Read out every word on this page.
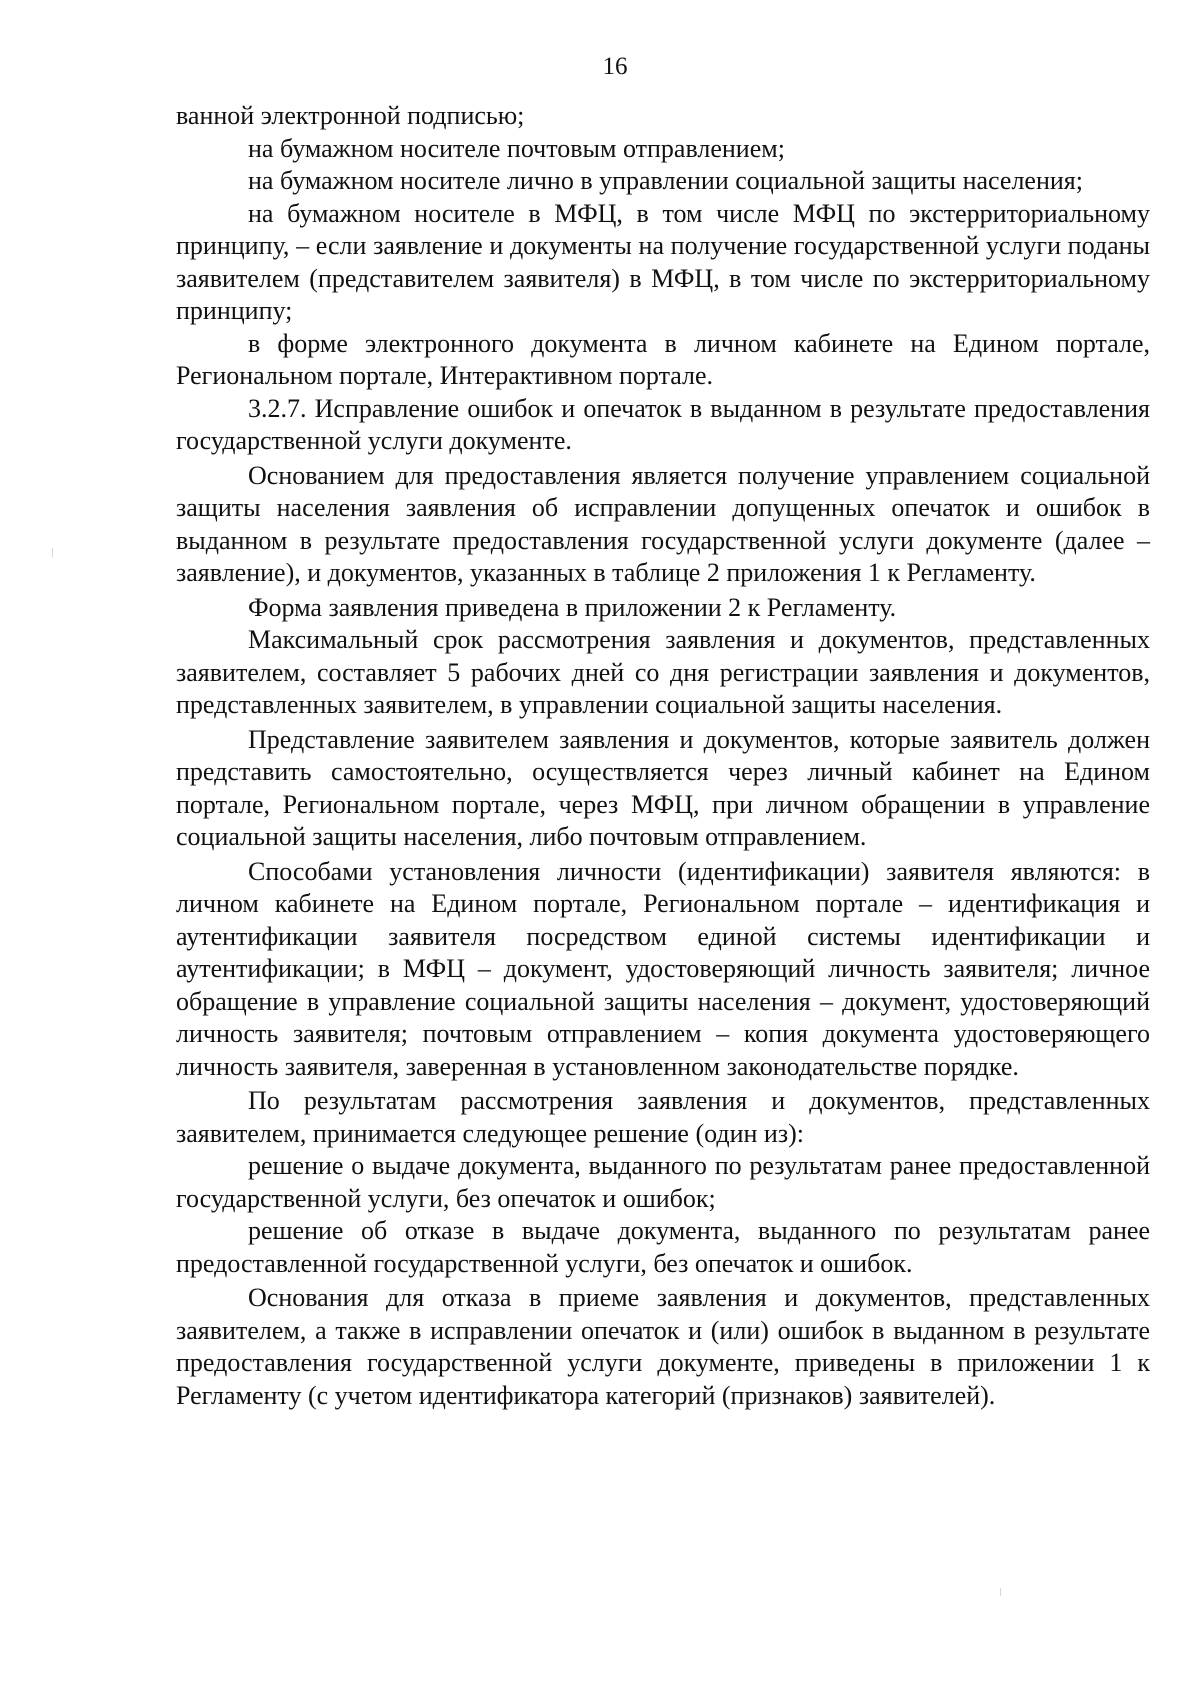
16

ванной электронной подписью;

на бумажном носителе почтовым отправлением;

на бумажном носителе лично в управлении социальной защиты населения;

на бумажном носителе в МФЦ, в том числе МФЦ по экстерриториальному принципу, – если заявление и документы на получение государственной услуги поданы заявителем (представителем заявителя) в МФЦ, в том числе по экстерриториальному принципу;

в форме электронного документа в личном кабинете на Едином портале, Региональном портале, Интерактивном портале.

3.2.7. Исправление ошибок и опечаток в выданном в результате предоставления государственной услуги документе.

Основанием для предоставления является получение управлением социальной защиты населения заявления об исправлении допущенных опечаток и ошибок в выданном в результате предоставления государственной услуги документе (далее – заявление), и документов, указанных в таблице 2 приложения 1 к Регламенту.

Форма заявления приведена в приложении 2 к Регламенту.

Максимальный срок рассмотрения заявления и документов, представленных заявителем, составляет 5 рабочих дней со дня регистрации заявления и документов, представленных заявителем, в управлении социальной защиты населения.

Представление заявителем заявления и документов, которые заявитель должен представить самостоятельно, осуществляется через личный кабинет на Едином портале, Региональном портале, через МФЦ, при личном обращении в управление социальной защиты населения, либо почтовым отправлением.

Способами установления личности (идентификации) заявителя являются: в личном кабинете на Едином портале, Региональном портале – идентификация и аутентификации заявителя посредством единой системы идентификации и аутентификации; в МФЦ – документ, удостоверяющий личность заявителя; личное обращение в управление социальной защиты населения – документ, удостоверяющий личность заявителя; почтовым отправлением – копия документа удостоверяющего личность заявителя, заверенная в установленном законодательстве порядке.

По результатам рассмотрения заявления и документов, представленных заявителем, принимается следующее решение (один из):

решение о выдаче документа, выданного по результатам ранее предоставленной государственной услуги, без опечаток и ошибок;

решение об отказе в выдаче документа, выданного по результатам ранее предоставленной государственной услуги, без опечаток и ошибок.

Основания для отказа в приеме заявления и документов, представленных заявителем, а также в исправлении опечаток и (или) ошибок в выданном в результате предоставления государственной услуги документе, приведены в приложении 1 к Регламенту (с учетом идентификатора категорий (признаков) заявителей).
